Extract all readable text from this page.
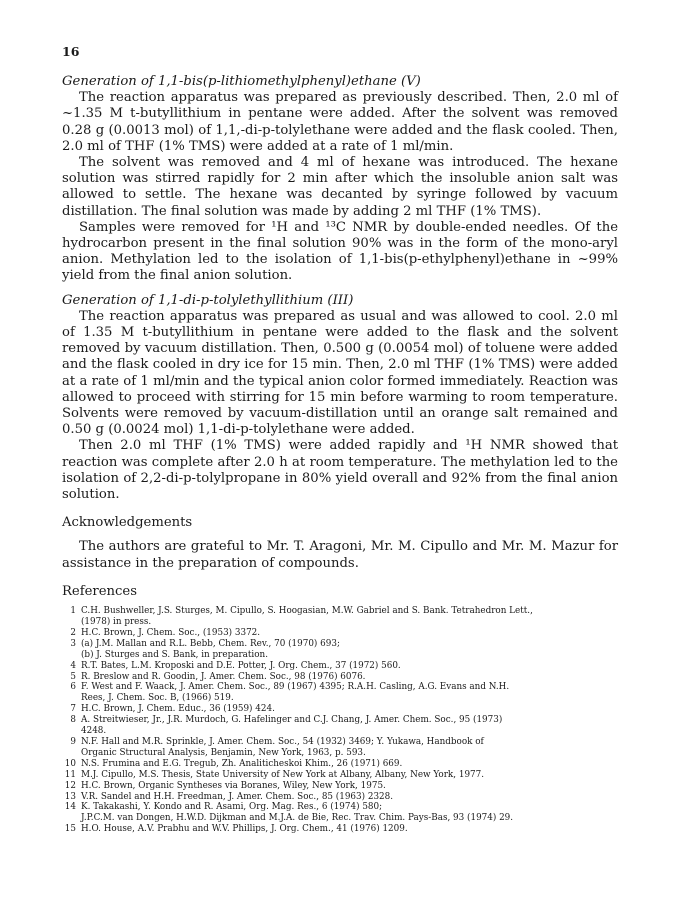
16

Generation of 1,1-bis(p-lithiomethylphenyl)ethane (V)

The reaction apparatus was prepared as previously described. Then, 2.0 ml of ~1.35 M t-butyllithium in pentane were added. After the solvent was removed 0.28 g (0.0013 mol) of 1,1,-di-p-tolylethane were added and the flask cooled. Then, 2.0 ml of THF (1% TMS) were added at a rate of 1 ml/min.

The solvent was removed and 4 ml of hexane was introduced. The hexane solution was stirred rapidly for 2 min after which the insoluble anion salt was allowed to settle. The hexane was decanted by syringe followed by vacuum distillation. The final solution was made by adding 2 ml THF (1% TMS).

Samples were removed for ¹H and ¹³C NMR by double-ended needles. Of the hydrocarbon present in the final solution 90% was in the form of the mono-aryl anion. Methylation led to the isolation of 1,1-bis(p-ethylphenyl)ethane in ~99% yield from the final anion solution.

Generation of 1,1-di-p-tolylethyllithium (III)

The reaction apparatus was prepared as usual and was allowed to cool. 2.0 ml of 1.35 M t-butyllithium in pentane were added to the flask and the solvent removed by vacuum distillation. Then, 0.500 g (0.0054 mol) of toluene were added and the flask cooled in dry ice for 15 min. Then, 2.0 ml THF (1% TMS) were added at a rate of 1 ml/min and the typical anion color formed immediately. Reaction was allowed to proceed with stirring for 15 min before warming to room temperature. Solvents were removed by vacuum-distillation until an orange salt remained and 0.50 g (0.0024 mol) 1,1-di-p-tolylethane were added.

Then 2.0 ml THF (1% TMS) were added rapidly and ¹H NMR showed that reaction was complete after 2.0 h at room temperature. The methylation led to the isolation of 2,2-di-p-tolylpropane in 80% yield overall and 92% from the final anion solution.

Acknowledgements

The authors are grateful to Mr. T. Aragoni, Mr. M. Cipullo and Mr. M. Mazur for assistance in the preparation of compounds.

References

1 C.H. Bushweller, J.S. Sturges, M. Cipullo, S. Hoogasian, M.W. Gabriel and S. Bank. Tetrahedron Lett.,
(1978) in press.
2 H.C. Brown, J. Chem. Soc., (1953) 3372.
3 (a) J.M. Mallan and R.L. Bebb, Chem. Rev., 70 (1970) 693;
(b) J. Sturges and S. Bank, in preparation.
4 R.T. Bates, L.M. Kroposki and D.E. Potter, J. Org. Chem., 37 (1972) 560.
5 R. Breslow and R. Goodin, J. Amer. Chem. Soc., 98 (1976) 6076.
6 F. West and F. Waack, J. Amer. Chem. Soc., 89 (1967) 4395; R.A.H. Casling, A.G. Evans and N.H.
Rees, J. Chem. Soc. B, (1966) 519.
7 H.C. Brown, J. Chem. Educ., 36 (1959) 424.
8 A. Streitwieser, Jr., J.R. Murdoch, G. Hafelinger and C.J. Chang, J. Amer. Chem. Soc., 95 (1973)
4248.
9 N.F. Hall and M.R. Sprinkle, J. Amer. Chem. Soc., 54 (1932) 3469; Y. Yukawa, Handbook of
Organic Structural Analysis, Benjamin, New York, 1963, p. 593.
10 N.S. Frumina and E.G. Tregub, Zh. Analiticheskoi Khim., 26 (1971) 669.
11 M.J. Cipullo, M.S. Thesis, State University of New York at Albany, Albany, New York, 1977.
12 H.C. Brown, Organic Syntheses via Boranes, Wiley, New York, 1975.
13 V.R. Sandel and H.H. Freedman, J. Amer. Chem. Soc., 85 (1963) 2328.
14 K. Takakashi, Y. Kondo and R. Asami, Org. Mag. Res., 6 (1974) 580;
J.P.C.M. van Dongen, H.W.D. Dijkman and M.J.A. de Bie, Rec. Trav. Chim. Pays-Bas, 93 (1974) 29.
15 H.O. House, A.V. Prabhu and W.V. Phillips, J. Org. Chem., 41 (1976) 1209.
